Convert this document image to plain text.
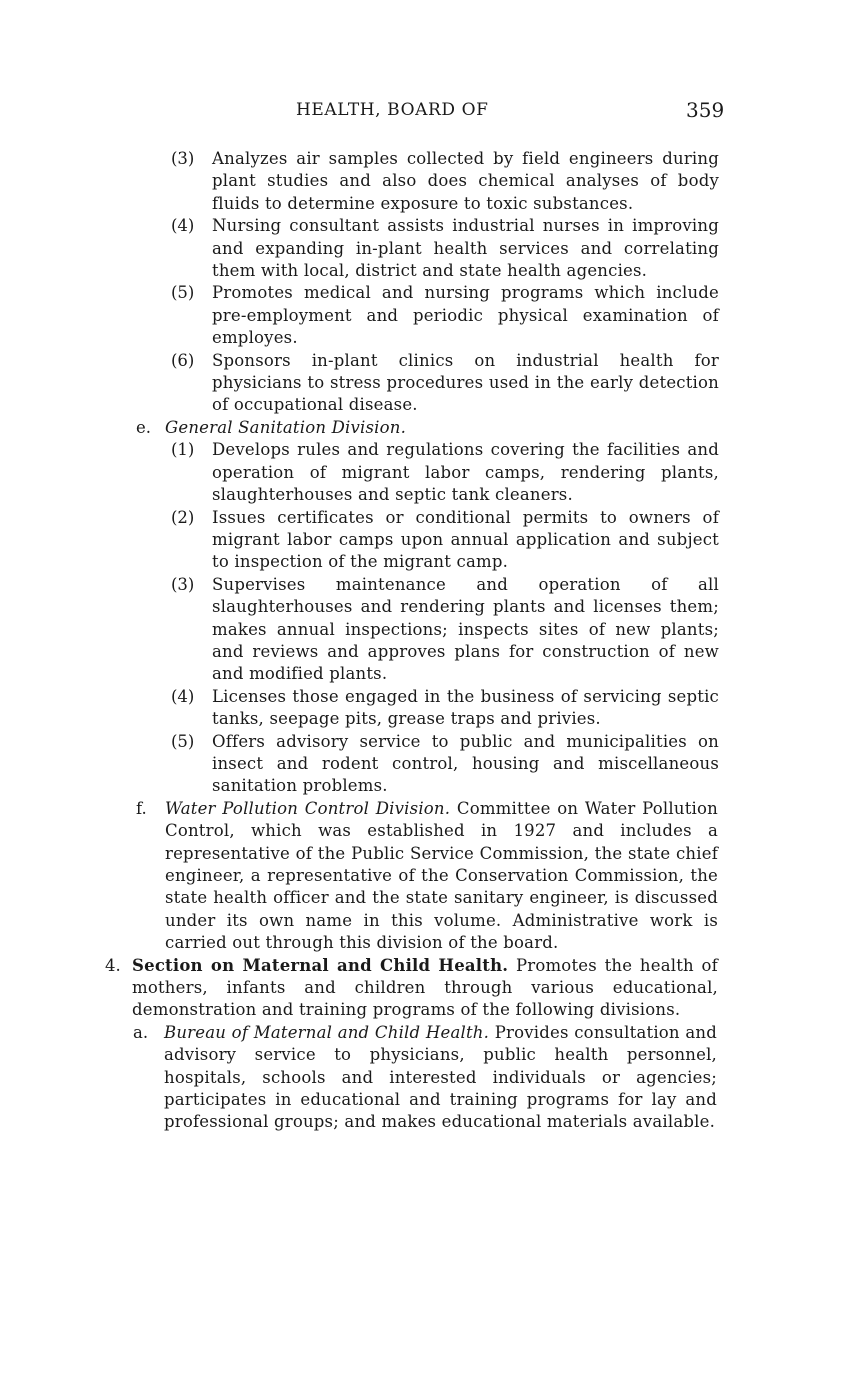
HEALTH, BOARD OF	359
(3) Analyzes air samples collected by field engineers during plant studies and also does chemical analyses of body fluids to determine exposure to toxic substances.
(4) Nursing consultant assists industrial nurses in improving and expanding in-plant health services and correlating them with local, district and state health agencies.
(5) Promotes medical and nursing programs which include pre-employment and periodic physical examination of employes.
(6) Sponsors in-plant clinics on industrial health for physicians to stress procedures used in the early detection of occupational disease.
e. General Sanitation Division.
(1) Develops rules and regulations covering the facilities and operation of migrant labor camps, rendering plants, slaughterhouses and septic tank cleaners.
(2) Issues certificates or conditional permits to owners of migrant labor camps upon annual application and subject to inspection of the migrant camp.
(3) Supervises maintenance and operation of all slaughterhouses and rendering plants and licenses them; makes annual inspections; inspects sites of new plants; and reviews and approves plans for construction of new and modified plants.
(4) Licenses those engaged in the business of servicing septic tanks, seepage pits, grease traps and privies.
(5) Offers advisory service to public and municipalities on insect and rodent control, housing and miscellaneous sanitation problems.
f. Water Pollution Control Division. Committee on Water Pollution Control, which was established in 1927 and includes a representative of the Public Service Commission, the state chief engineer, a representative of the Conservation Commission, the state health officer and the state sanitary engineer, is discussed under its own name in this volume. Administrative work is carried out through this division of the board.
4. Section on Maternal and Child Health. Promotes the health of mothers, infants and children through various educational, demonstration and training programs of the following divisions.
a. Bureau of Maternal and Child Health. Provides consultation and advisory service to physicians, public health personnel, hospitals, schools and interested individuals or agencies; participates in educational and training programs for lay and professional groups; and makes educational materials available.
